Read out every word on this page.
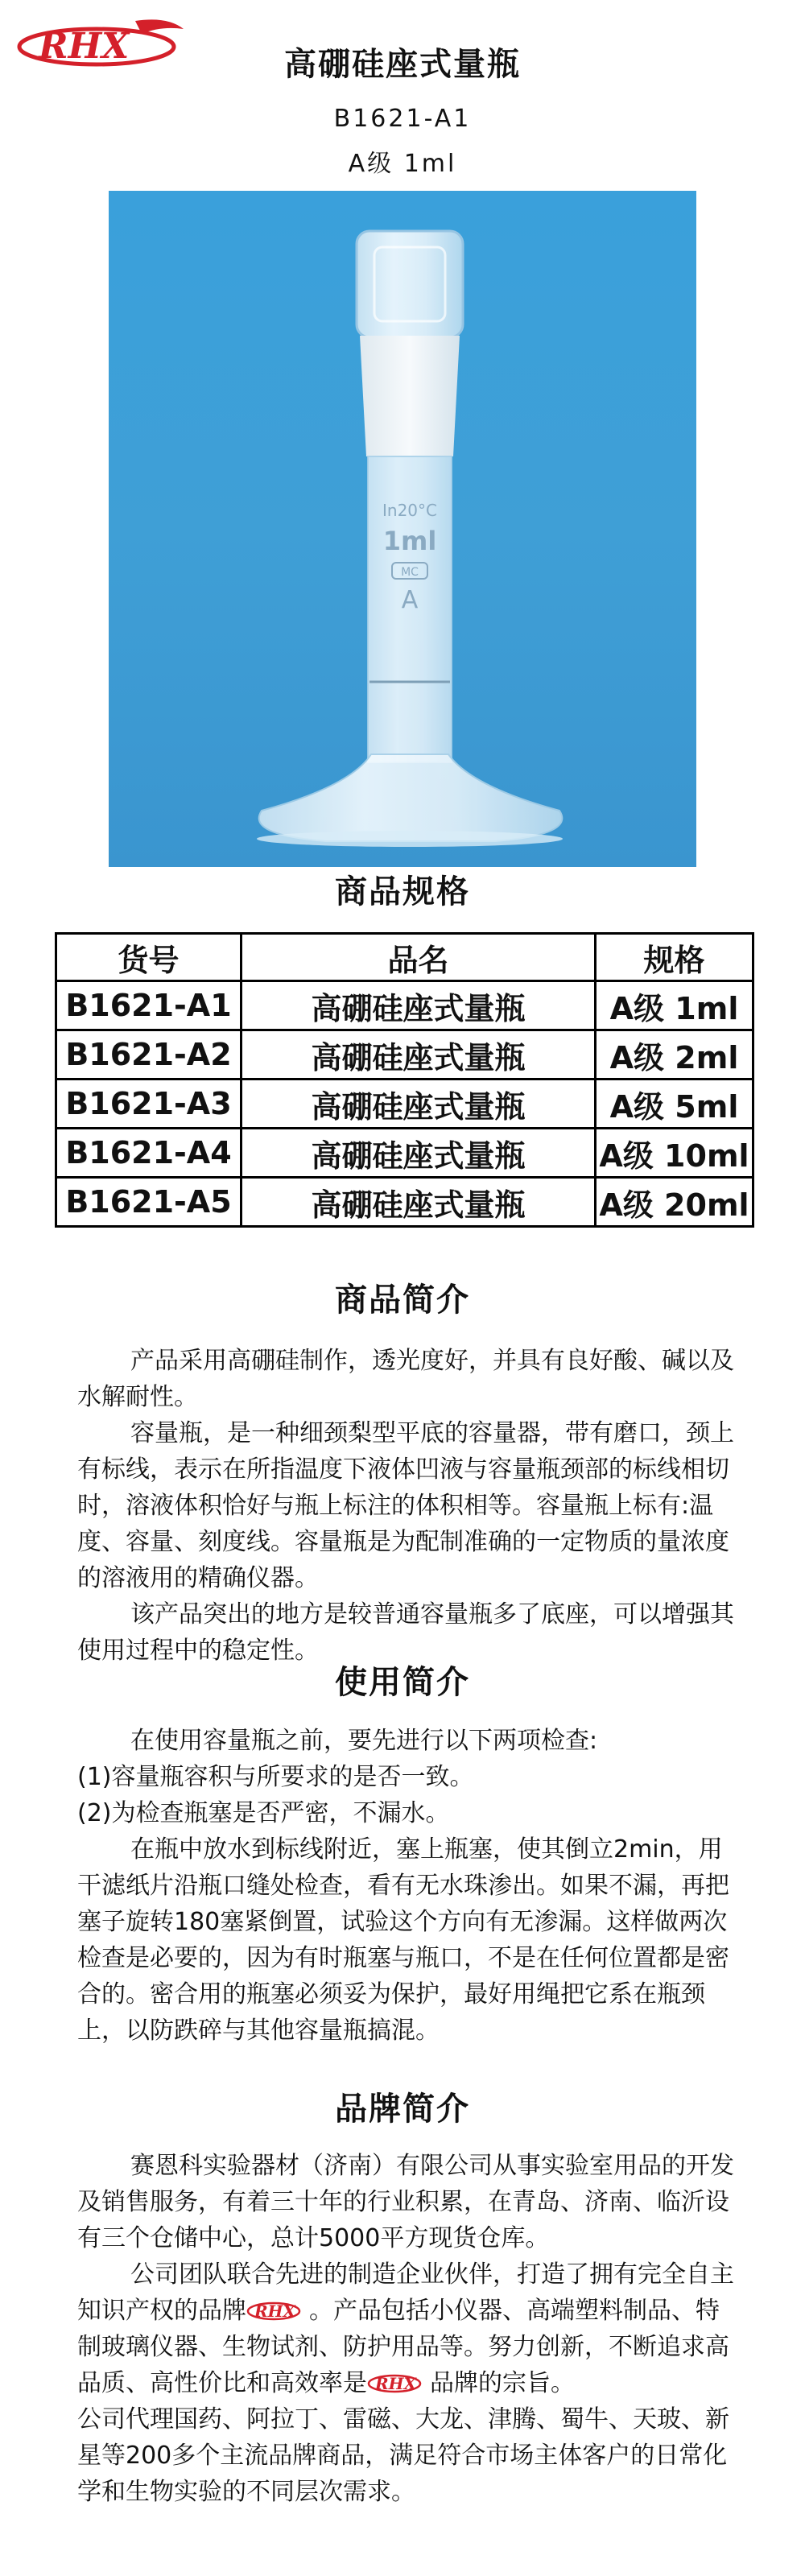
RHX	高硼硅座式量瓶
B1621-A1
A级 1ml
In20°C
1ml
MC
A
商品规格
货号	品名	规格
B1621-A1	高硼硅座式量瓶	A级 1ml
B1621-A2	高硼硅座式量瓶	A级 2ml
B1621-A3	高硼硅座式量瓶	A级 5ml
B1621-A4	高硼硅座式量瓶	A级 10ml
B1621-A5	高硼硅座式量瓶	A级 20ml
商品简介

产品采用高硼硅制作，透光度好，并具有良好酸、碱以及水解耐性。

容量瓶，是一种细颈梨型平底的容量器，带有磨口，颈上有标线，表示在所指温度下液体凹液与容量瓶颈部的标线相切时，溶液体积恰好与瓶上标注的体积相等。容量瓶上标有:温度、容量、刻度线。容量瓶是为配制准确的一定物质的量浓度的溶液用的精确仪器。

该产品突出的地方是较普通容量瓶多了底座，可以增强其使用过程中的稳定性。

使用简介

在使用容量瓶之前，要先进行以下两项检查:

(1)容量瓶容积与所要求的是否一致。

(2)为检查瓶塞是否严密，不漏水。

在瓶中放水到标线附近，塞上瓶塞，使其倒立2min，用干滤纸片沿瓶口缝处检查，看有无水珠渗出。如果不漏，再把塞子旋转180塞紧倒置，试验这个方向有无渗漏。这样做两次检查是必要的，因为有时瓶塞与瓶口，不是在任何位置都是密合的。密合用的瓶塞必须妥为保护，最好用绳把它系在瓶颈上，以防跌碎与其他容量瓶搞混。

品牌简介

赛恩科实验器材（济南）有限公司从事实验室用品的开发及销售服务，有着三十年的行业积累，在青岛、济南、临沂设有三个仓储中心，总计5000平方现货仓库。

公司团队联合先进的制造企业伙伴，打造了拥有完全自主知识产权的品牌 RHX 。产品包括小仪器、高端塑料制品、特制玻璃仪器、生物试剂、防护用品等。努力创新，不断追求高品质、高性价比和高效率是 RHX 品牌的宗旨。

公司代理国药、阿拉丁、雷磁、大龙、津腾、蜀牛、天玻、新星等200多个主流品牌商品，满足符合市场主体客户的日常化学和生物实验的不同层次需求。
